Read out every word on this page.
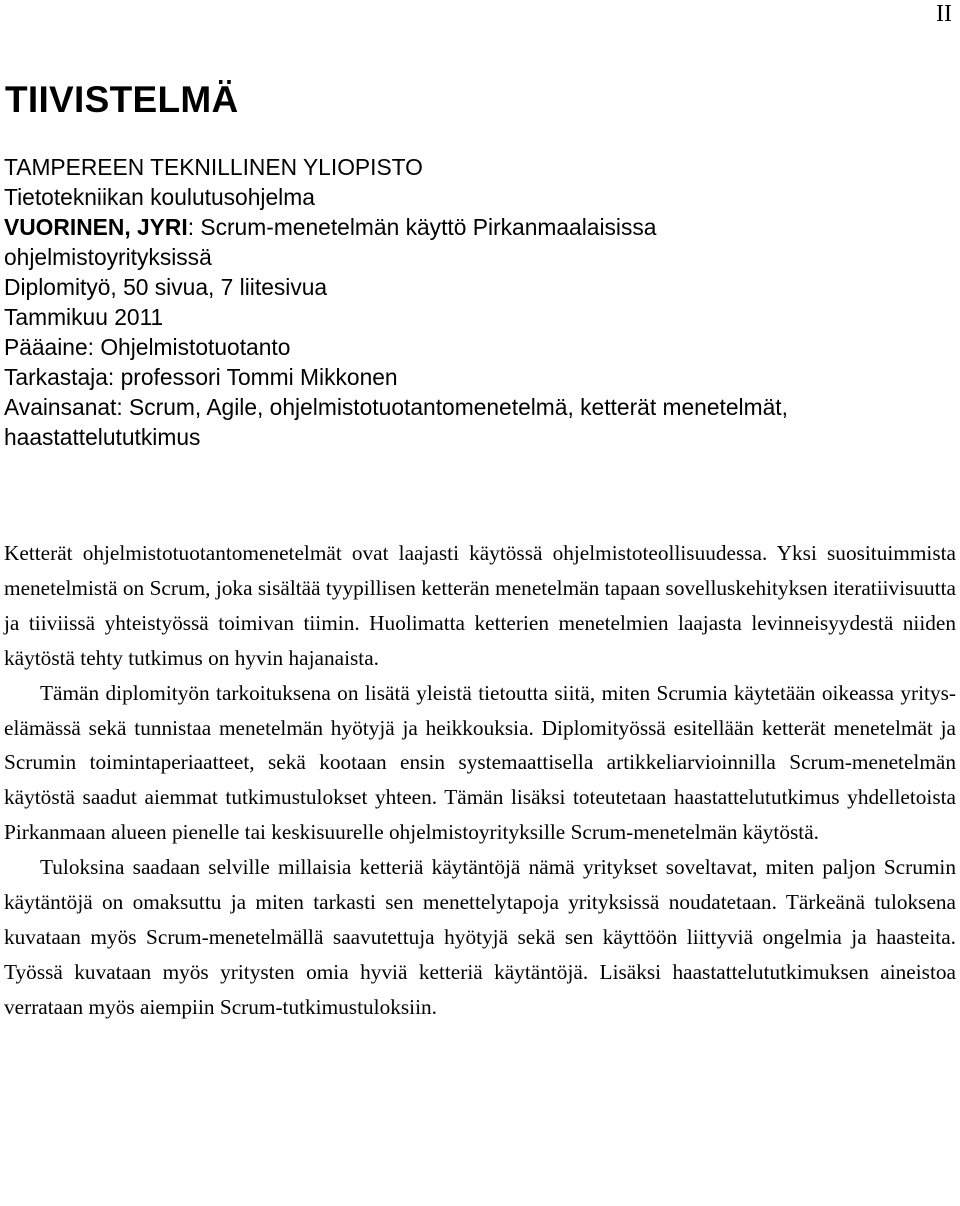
II
TIIVISTELMÄ

TAMPEREEN TEKNILLINEN YLIOPISTO

Tietotekniikan koulutusohjelma

VUORINEN, JYRI: Scrum-menetelmän käyttö Pirkanmaalaisissa

ohjelmistoyrityksissä

Diplomityö, 50 sivua, 7 liitesivua

Tammikuu 2011

Pääaine: Ohjelmistotuotanto

Tarkastaja: professori Tommi Mikkonen

Avainsanat: Scrum, Agile, ohjelmistotuotantomenetelmä, ketterät menetelmät,

haastattelututkimus

Ketterät ohjelmistotuotantomenetelmät ovat laajasti käytössä ohjelmistoteollisuudessa. Yksi suosituimmista menetelmistä on Scrum, joka sisältää tyypillisen ketterän menetelmän tapaan sovelluskehityksen iteratiivisuutta ja tiiviissä yhteistyössä toimivan tiimin. Huolimatta ketterien menetelmien laajasta levinneisyydestä niiden käytöstä tehty tutkimus on hyvin hajanaista.

Tämän diplomityön tarkoituksena on lisätä yleistä tietoutta siitä, miten Scrumia käytetään oikeassa yrityselämässä sekä tunnistaa menetelmän hyötyjä ja heikkouksia. Diplomityössä esitellään ketterät menetelmät ja Scrumin toimintaperiaatteet, sekä kootaan ensin systemaattisella artikkeliarvioinnilla Scrum-menetelmän käytöstä saadut aiemmat tutkimustulokset yhteen. Tämän lisäksi toteutetaan haastattelututkimus yhdelletoista Pirkanmaan alueen pienelle tai keskisuurelle ohjelmistoyrityksille Scrum-menetelmän käytöstä.

Tuloksina saadaan selville millaisia ketteriä käytäntöjä nämä yritykset soveltavat, miten paljon Scrumin käytäntöjä on omaksuttu ja miten tarkasti sen menettelytapoja yrityksissä noudatetaan. Tärkeänä tuloksena kuvataan myös Scrum-menetelmällä saavutettuja hyötyjä sekä sen käyttöön liittyviä ongelmia ja haasteita. Työssä kuvataan myös yritysten omia hyviä ketteriä käytäntöjä. Lisäksi haastattelututkimuksen aineistoa verrataan myös aiempiin Scrum-tutkimustuloksiin.
